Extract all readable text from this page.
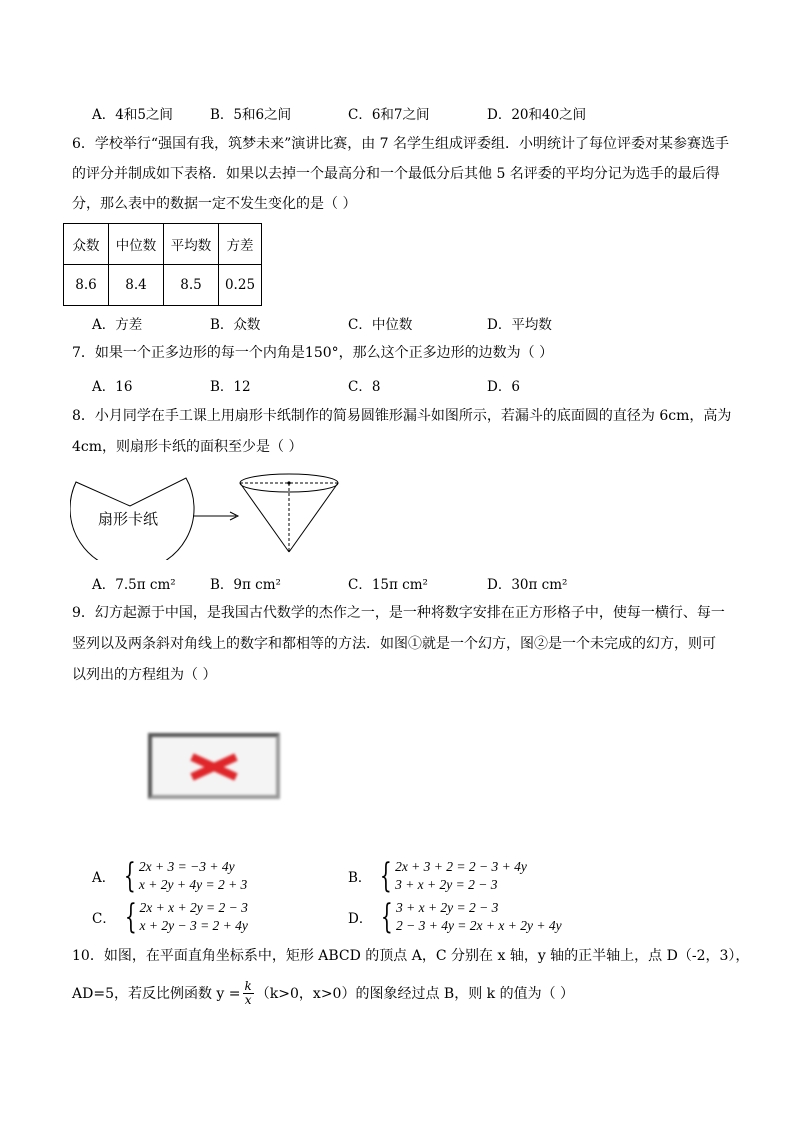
A．4和5之间	B．5和6之间	C．6和7之间	D．20和40之间
6．学校举行“强国有我，筑梦未来”演讲比赛，由 7 名学生组成评委组．小明统计了每位评委对某参赛选手
的评分并制成如下表格．如果以去掉一个最高分和一个最低分后其他 5 名评委的平均分记为选手的最后得
分，那么表中的数据一定不发生变化的是（ ）
众数	中位数	平均数	方差
8.6	8.4	8.5	0.25
A．方差	B．众数	C．中位数	D．平均数
7．如果一个正多边形的每一个内角是150°，那么这个正多边形的边数为（ ）
A．16	B．12	C．8	D．6
8．小月同学在手工课上用扇形卡纸制作的简易圆锥形漏斗如图所示，若漏斗的底面圆的直径为 6cm，高为
4cm，则扇形卡纸的面积至少是（ ）
扇形卡纸
A．7.5π cm²	B．9π cm²	C．15π cm²	D．30π cm²
9．幻方起源于中国，是我国古代数学的杰作之一，是一种将数字安排在正方形格子中，使每一横行、每一
竖列以及两条斜对角线上的数字和都相等的方法．如图①就是一个幻方，图②是一个未完成的幻方，则可
以列出的方程组为（ ）
A． { 2x + 3 = −3 + 4y
x + 2y + 4y = 2 + 3	B． { 2x + 3 + 2 = 2 − 3 + 4y
3 + x + 2y = 2 − 3
C． { 2x + x + 2y = 2 − 3
x + 2y − 3 = 2 + 4y	D． { 3 + x + 2y = 2 − 3
2 − 3 + 4y = 2x + x + 2y + 4y
10．如图，在平面直角坐标系中，矩形 ABCD 的顶点 A，C 分别在 x 轴，y 轴的正半轴上，点 D（-2，3），
AD=5，若反比例函数 $y = \frac{k}{x} (k>0$，x>0）的图象经过点 B，则 k 的值为（ ）
